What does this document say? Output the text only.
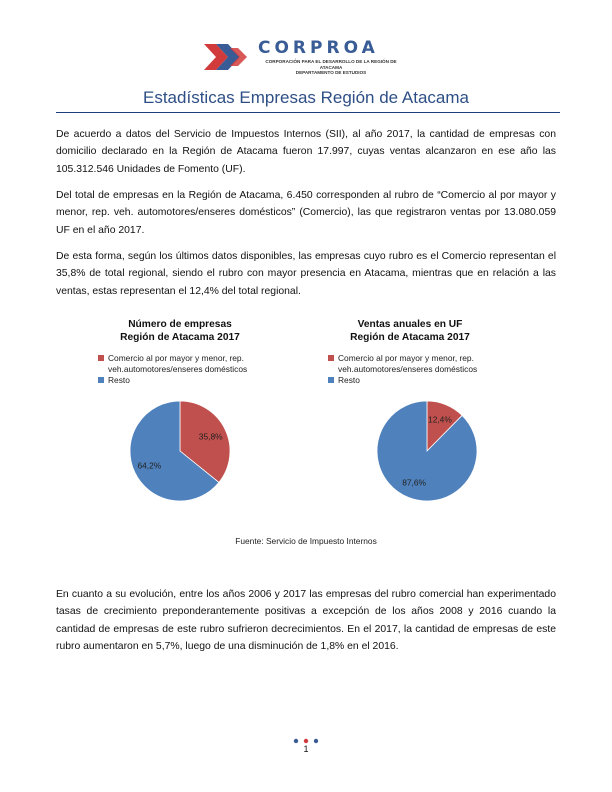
CORPROA
CORPORACIÓN PARA EL DESARROLLO DE LA REGIÓN DE ATACAMA
DEPARTAMENTO DE ESTUDIOS
Estadísticas Empresas Región de Atacama

De acuerdo a datos del Servicio de Impuestos Internos (SII), al año 2017, la cantidad de empresas con domicilio declarado en la Región de Atacama fueron 17.997, cuyas ventas alcanzaron en ese año las 105.312.546 Unidades de Fomento (UF).

Del total de empresas en la Región de Atacama, 6.450 corresponden al rubro de “Comercio al por mayor y menor, rep. veh. automotores/enseres domésticos” (Comercio), las que registraron ventas por 13.080.059 UF en el año 2017.

De esta forma, según los últimos datos disponibles, las empresas cuyo rubro es el Comercio representan el 35,8% de total regional, siendo el rubro con mayor presencia en Atacama, mientras que en relación a las ventas, estas representan el 12,4% del total regional.

Número de empresas
Región de Atacama 2017
Comercio al por mayor y menor, rep.
veh.automotores/enseres domésticos
Resto
35,8%
64,2%
Ventas anuales en UF
Región de Atacama 2017
Comercio al por mayor y menor, rep.
veh.automotores/enseres domésticos
Resto
12,4%
87,6%
Fuente: Servicio de Impuesto Internos

En cuanto a su evolución, entre los años 2006 y 2017 las empresas del rubro comercial han experimentado tasas de crecimiento preponderantemente positivas a excepción de los años 2008 y 2016 cuando la cantidad de empresas de este rubro sufrieron decrecimientos. En el 2017, la cantidad de empresas de este rubro aumentaron en 5,7%, luego de una disminución de 1,8% en el 2016.

1
